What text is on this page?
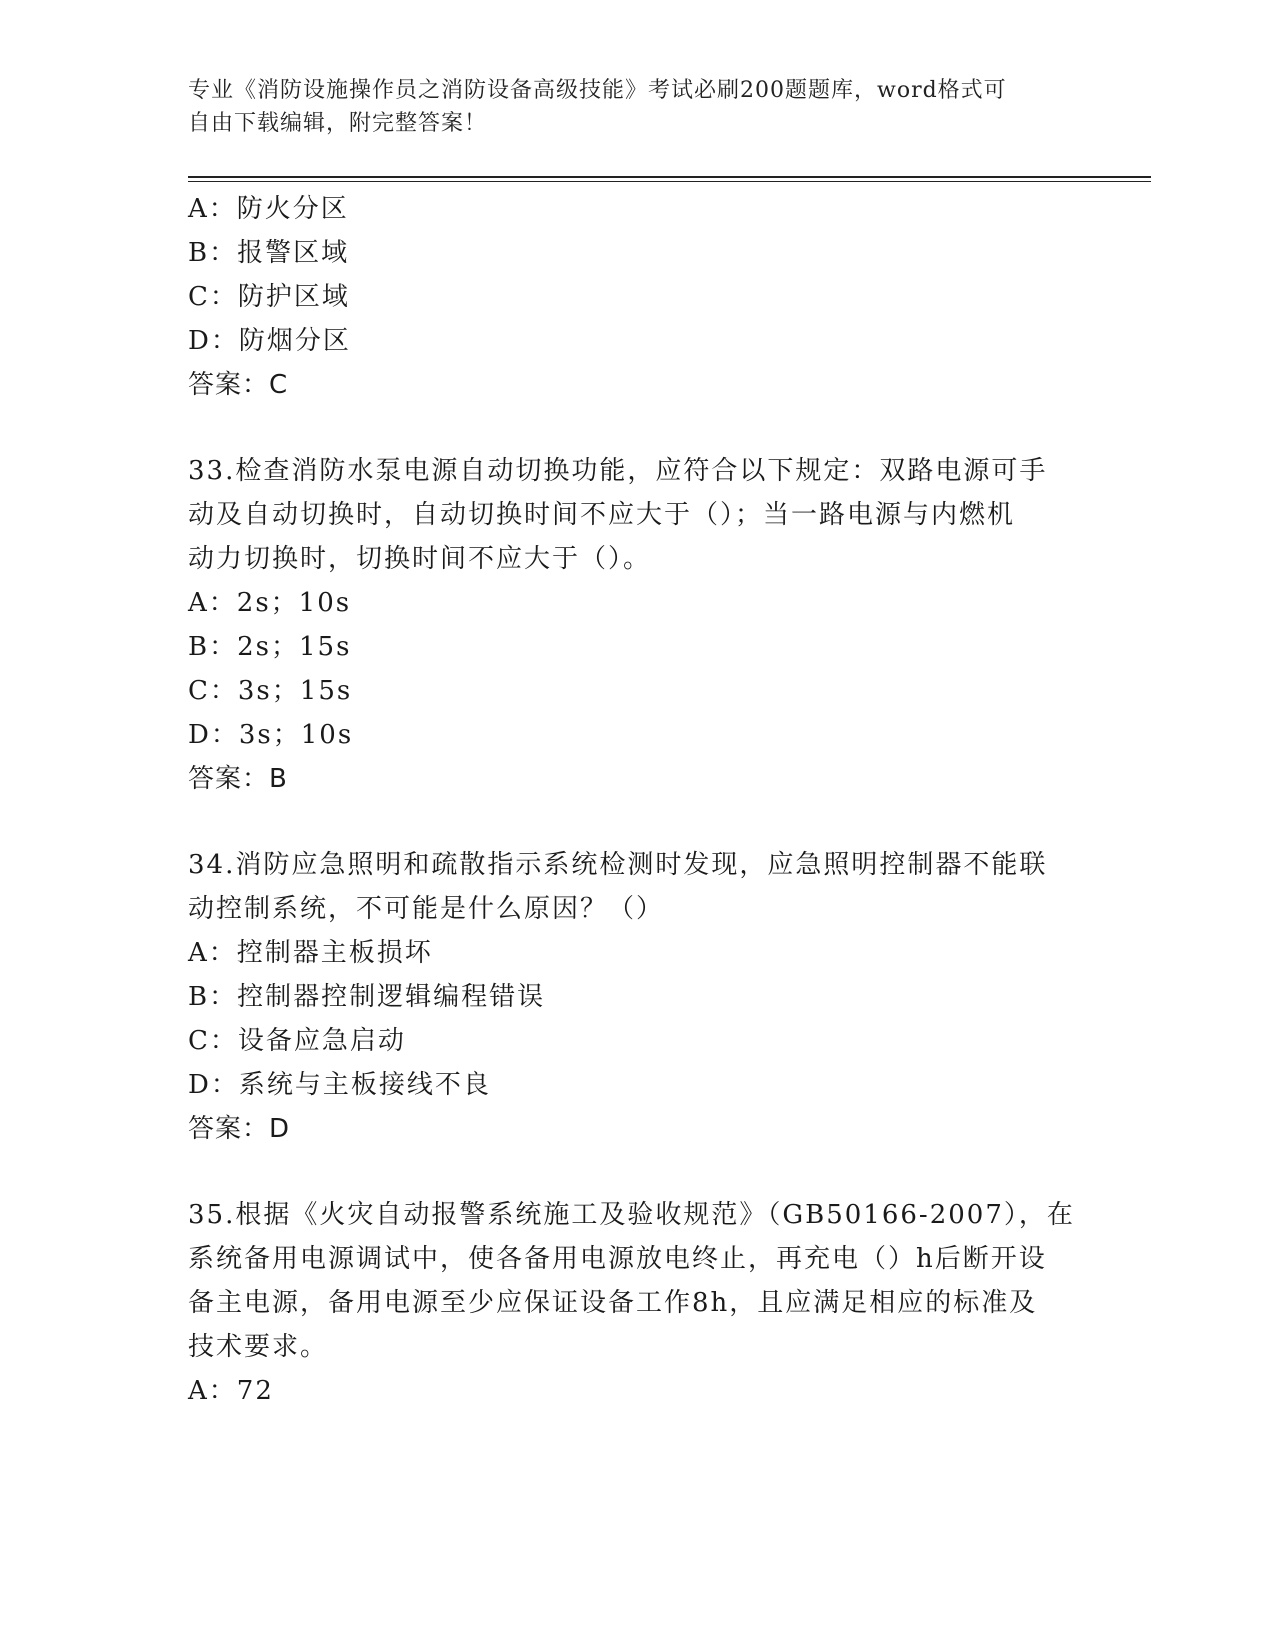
专业《消防设施操作员之消防设备高级技能》考试必刷200题题库，word格式可
自由下载编辑，附完整答案！
A：防火分区
B：报警区域
C：防护区域
D：防烟分区
答案：C
33.检查消防水泵电源自动切换功能，应符合以下规定：双路电源可手
动及自动切换时，自动切换时间不应大于（）；当一路电源与内燃机
动力切换时，切换时间不应大于（）。
A：2s；10s
B：2s；15s
C：3s；15s
D：3s；10s
答案：B
34.消防应急照明和疏散指示系统检测时发现，应急照明控制器不能联
动控制系统，不可能是什么原因？（）
A：控制器主板损坏
B：控制器控制逻辑编程错误
C：设备应急启动
D：系统与主板接线不良
答案：D
35.根据《火灾自动报警系统施工及验收规范》（GB50166-2007），在
系统备用电源调试中，使各备用电源放电终止，再充电（）h后断开设
备主电源，备用电源至少应保证设备工作8h，且应满足相应的标准及
技术要求。
A：72
